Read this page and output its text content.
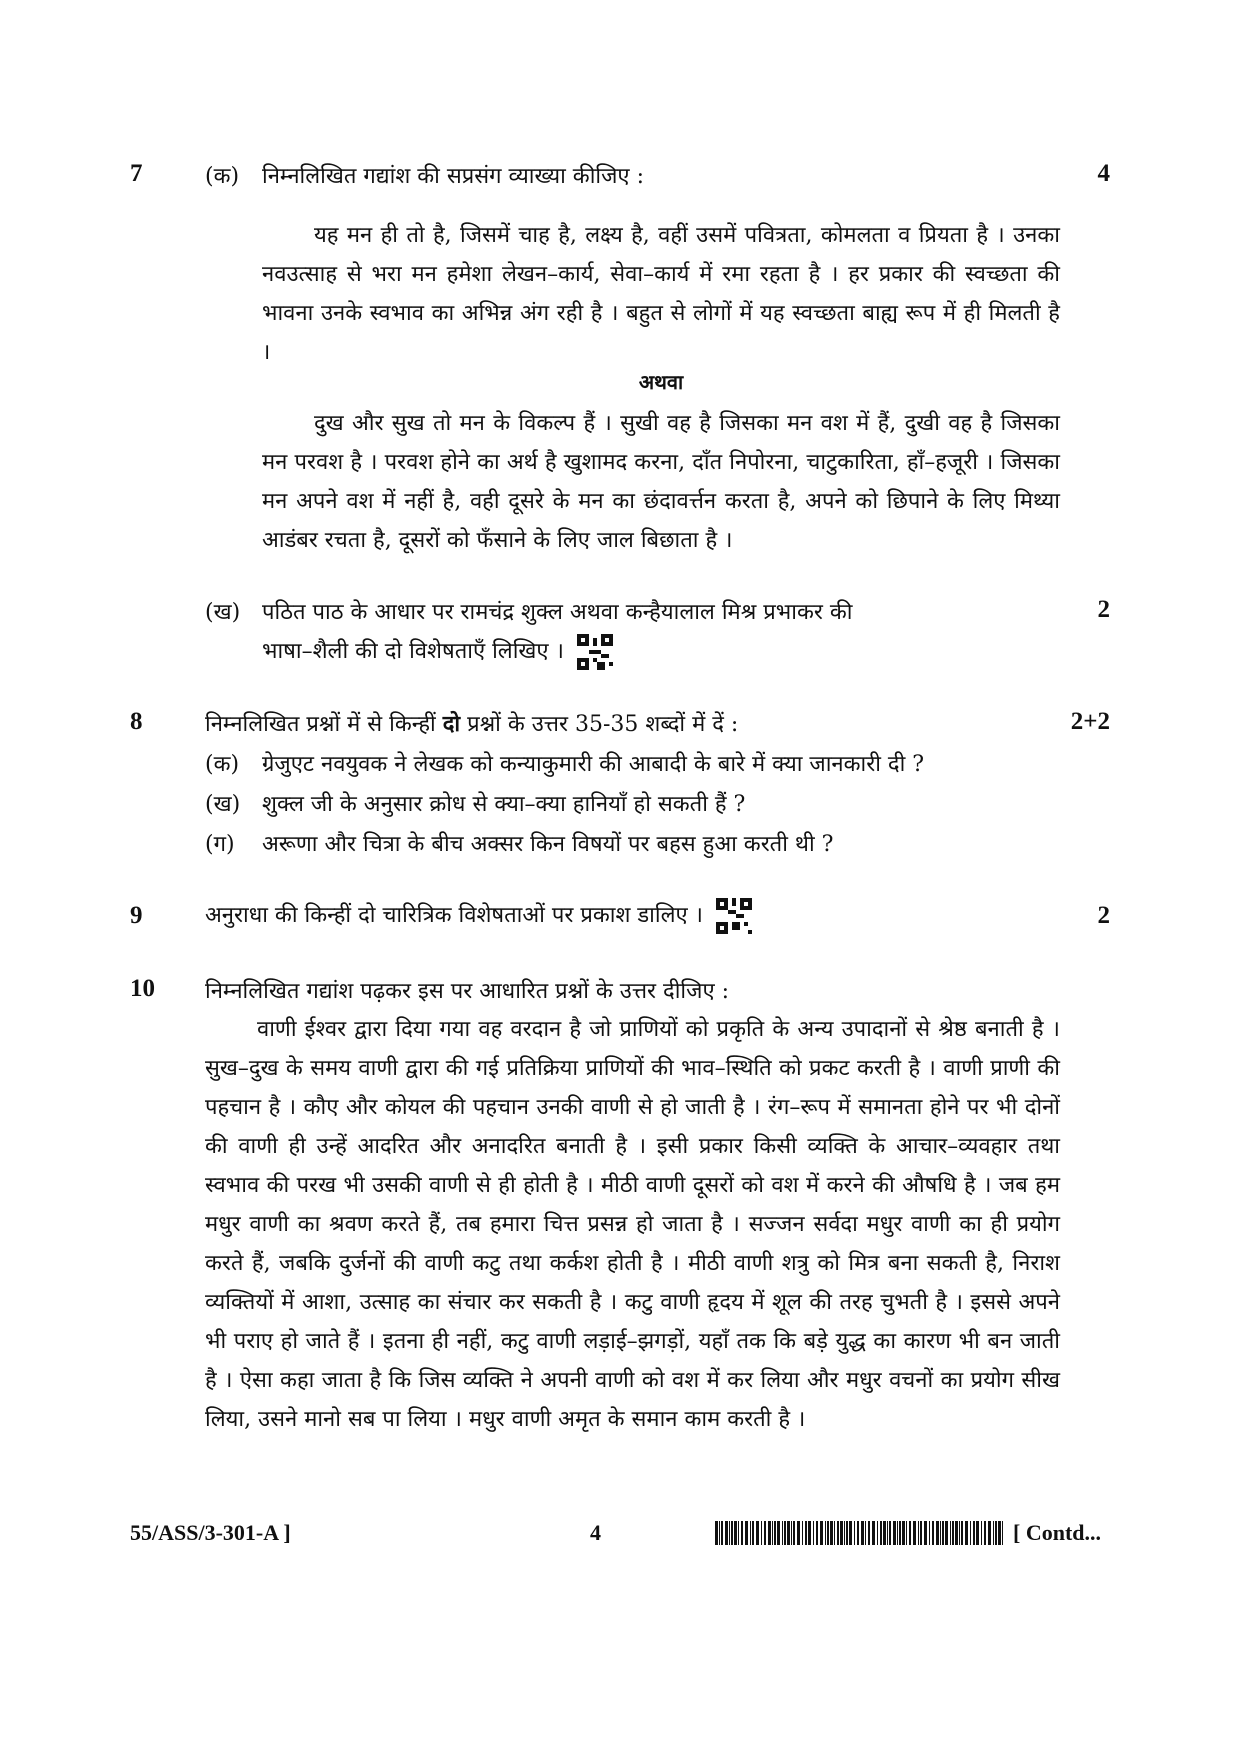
7	4
(क) निम्नलिखित गद्यांश की सप्रसंग व्याख्या कीजिए :
यह मन ही तो है, जिसमें चाह है, लक्ष्य है, वहीं उसमें पवित्रता, कोमलता व प्रियता है । उनका नवउत्साह से भरा मन हमेशा लेखन–कार्य, सेवा–कार्य में रमा रहता है । हर प्रकार की स्वच्छता की भावना उनके स्वभाव का अभिन्न अंग रही है । बहुत से लोगों में यह स्वच्छता बाह्य रूप में ही मिलती है ।
अथवा
दुख और सुख तो मन के विकल्प हैं । सुखी वह है जिसका मन वश में हैं, दुखी वह है जिसका मन परवश है । परवश होने का अर्थ है खुशामद करना, दाँत निपोरना, चाटुकारिता, हाँ–हजूरी । जिसका मन अपने वश में नहीं है, वही दूसरे के मन का छंदावर्त्तन करता है, अपने को छिपाने के लिए मिथ्या आडंबर रचता है, दूसरों को फँसाने के लिए जाल बिछाता है ।
(ख) पठित पाठ के आधार पर रामचंद्र शुक्ल अथवा कन्हैयालाल मिश्र प्रभाकर की	2
भाषा–शैली की दो विशेषताएँ लिखिए ।
8	2+2
निम्नलिखित प्रश्नों में से किन्हीं दो प्रश्नों के उत्तर 35-35 शब्दों में दें :
(क) ग्रेजुएट नवयुवक ने लेखक को कन्याकुमारी की आबादी के बारे में क्या जानकारी दी ?
(ख) शुक्ल जी के अनुसार क्रोध से क्या–क्या हानियाँ हो सकती हैं ?
(ग) अरूणा और चित्रा के बीच अक्सर किन विषयों पर बहस हुआ करती थी ?
9	अनुराधा की किन्हीं दो चारित्रिक विशेषताओं पर प्रकाश डालिए ।	2
10 निम्नलिखित गद्यांश पढ़कर इस पर आधारित प्रश्नों के उत्तर दीजिए :
वाणी ईश्वर द्वारा दिया गया वह वरदान है जो प्राणियों को प्रकृति के अन्य उपादानों से श्रेष्ठ बनाती है । सुख–दुख के समय वाणी द्वारा की गई प्रतिक्रिया प्राणियों की भाव–स्थिति को प्रकट करती है । वाणी प्राणी की पहचान है । कौए और कोयल की पहचान उनकी वाणी से हो जाती है । रंग–रूप में समानता होने पर भी दोनों की वाणी ही उन्हें आदरित और अनादरित बनाती है । इसी प्रकार किसी व्यक्ति के आचार–व्यवहार तथा स्वभाव की परख भी उसकी वाणी से ही होती है । मीठी वाणी दूसरों को वश में करने की औषधि है । जब हम मधुर वाणी का श्रवण करते हैं, तब हमारा चित्त प्रसन्न हो जाता है । सज्जन सर्वदा मधुर वाणी का ही प्रयोग करते हैं, जबकि दुर्जनों की वाणी कटु तथा कर्कश होती है । मीठी वाणी शत्रु को मित्र बना सकती है, निराश व्यक्तियों में आशा, उत्साह का संचार कर सकती है । कटु वाणी हृदय में शूल की तरह चुभती है । इससे अपने भी पराए हो जाते हैं । इतना ही नहीं, कटु वाणी लड़ाई–झगड़ों, यहाँ तक कि बड़े युद्ध का कारण भी बन जाती है । ऐसा कहा जाता है कि जिस व्यक्ति ने अपनी वाणी को वश में कर लिया और मधुर वचनों का प्रयोग सीख लिया, उसने मानो सब पा लिया । मधुर वाणी अमृत के समान काम करती है ।
55/ASS/3-301-A ]	4	[ Contd...
